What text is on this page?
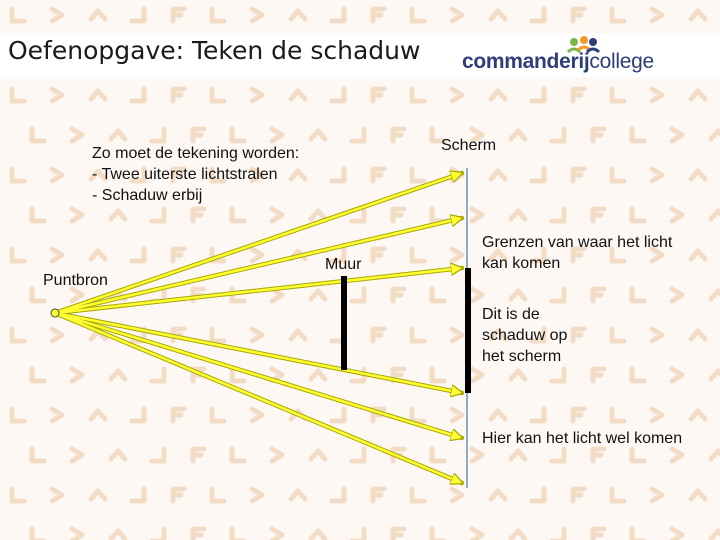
Oefenopgave: Teken de schaduw commanderijcollege
Zo moet de tekening worden:
- Twee uiterste lichtstralen
- Schaduw erbij
Puntbron
Muur
Scherm
Grenzen van waar het licht
kan komen
Dit is de
schaduw op
het scherm
Hier kan het licht wel komen
